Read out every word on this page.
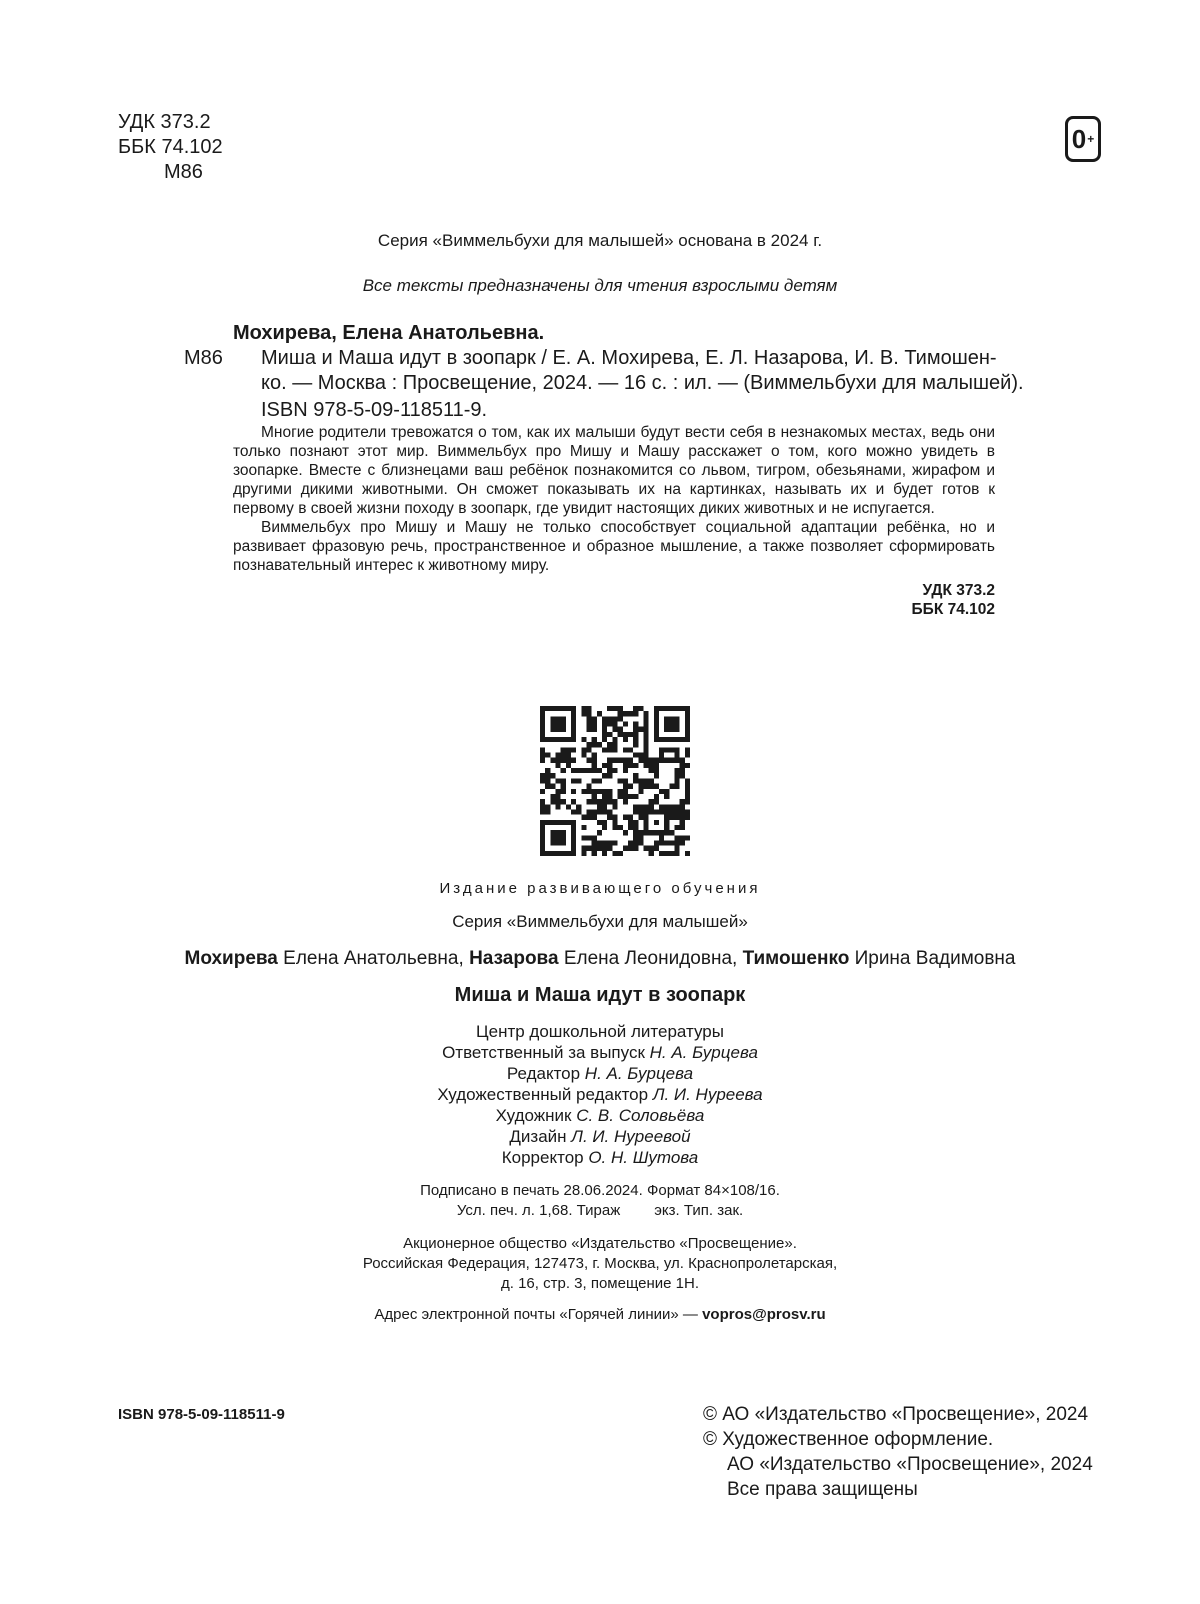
УДК 373.2
ББК 74.102
М86
0 +
Серия «Виммельбухи для малышей» основана в 2024 г.
Все тексты предназначены для чтения взрослыми детям
Мохирева, Елена Анатольевна.
М86	Миша и Маша идут в зоопарк / Е. А. Мохирева, Е. Л. Назарова, И. В. Тимошен-
ко. — Москва : Просвещение, 2024. — 16 с. : ил. — (Виммельбухи для малышей).
ISBN 978-5-09-118511-9.

Многие родители тревожатся о том, как их малыши будут вести себя в незнакомых местах, ведь они только познают этот мир. Виммельбух про Мишу и Машу расскажет о том, кого можно увидеть в зоопарке. Вместе с близнецами ваш ребёнок познакомится со львом, тигром, обезьянами, жирафом и другими дикими животными. Он сможет показывать их на картинках, называть их и будет готов к первому в своей жизни походу в зоопарк, где увидит настоящих диких животных и не испугается.

Виммельбух про Мишу и Машу не только способствует социальной адаптации ребёнка, но и развивает фразовую речь, пространственное и образное мышление, а также позволяет сформировать познавательный интерес к животному миру.

УДК 373.2
ББК 74.102
Издание развивающего обучения
Серия «Виммельбухи для малышей»
Мохирева Елена Анатольевна, Назарова Елена Леонидовна, Тимошенко Ирина Вадимовна
Миша и Маша идут в зоопарк
Центр дошкольной литературы
Ответственный за выпуск Н. А. Бурцева
Редактор Н. А. Бурцева
Художественный редактор Л. И. Нуреева
Художник С. В. Соловьёва
Дизайн Л. И. Нуреевой
Корректор О. Н. Шутова
Подписано в печать 28.06.2024. Формат 84×108/16.
Усл. печ. л. 1,68. Тираж экз. Тип. зак.
Акционерное общество «Издательство «Просвещение».
Российская Федерация, 127473, г. Москва, ул. Краснопролетарская,
д. 16, стр. 3, помещение 1Н.
Адрес электронной почты «Горячей линии» — vopros@prosv.ru
ISBN 978-5-09-118511-9	© АО «Издательство «Просвещение», 2024
© Художественное оформление.
АО «Издательство «Просвещение», 2024
Все права защищены
